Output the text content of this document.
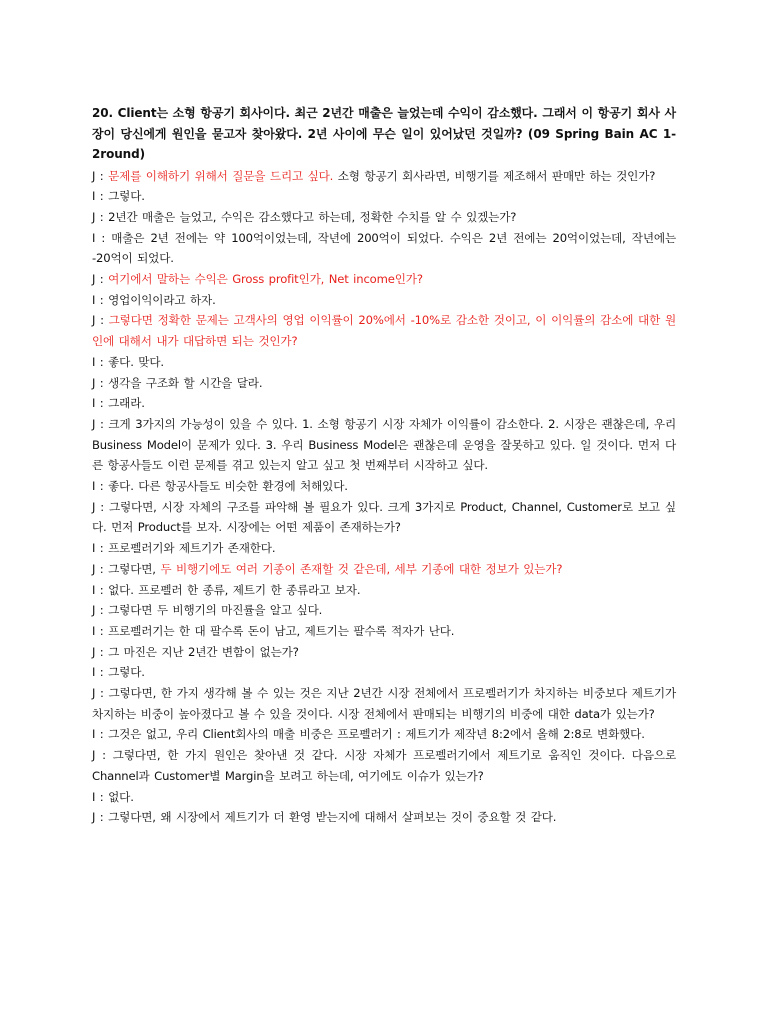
20. Client는 소형 항공기 회사이다. 최근 2년간 매출은 늘었는데 수익이 감소했다. 그래서 이 항공기 회사 사장이 당신에게 원인을 묻고자 찾아왔다. 2년 사이에 무슨 일이 있어났던 것일까? (09 Spring Bain AC 1-2round)

J : 문제를 이해하기 위해서 질문을 드리고 싶다. 소형 항공기 회사라면, 비행기를 제조해서 판매만 하는 것인가?

I : 그렇다.

J : 2년간 매출은 늘었고, 수익은 감소했다고 하는데, 정확한 수치를 알 수 있겠는가?

I : 매출은 2년 전에는 약 100억이었는데, 작년에 200억이 되었다. 수익은 2년 전에는 20억이었는데, 작년에는 -20억이 되었다.

J : 여기에서 말하는 수익은 Gross profit인가, Net income인가?

I : 영업이익이라고 하자.

J : 그렇다면 정확한 문제는 고객사의 영업 이익률이 20%에서 -10%로 감소한 것이고, 이 이익률의 감소에 대한 원인에 대해서 내가 대답하면 되는 것인가?

I : 좋다. 맞다.

J : 생각을 구조화 할 시간을 달라.

I : 그래라.

J : 크게 3가지의 가능성이 있을 수 있다. 1. 소형 항공기 시장 자체가 이익률이 감소한다. 2. 시장은 괜찮은데, 우리 Business Model이 문제가 있다. 3. 우리 Business Model은 괜찮은데 운영을 잘못하고 있다. 일 것이다. 먼저 다른 항공사들도 이런 문제를 겪고 있는지 알고 싶고 첫 번째부터 시작하고 싶다.

I : 좋다. 다른 항공사들도 비슷한 환경에 처해있다.

J : 그렇다면, 시장 자체의 구조를 파악해 볼 필요가 있다. 크게 3가지로 Product, Channel, Customer로 보고 싶다. 먼저 Product를 보자. 시장에는 어떤 제품이 존재하는가?

I : 프로펠러기와 제트기가 존재한다.

J : 그렇다면, 두 비행기에도 여러 기종이 존재할 것 같은데, 세부 기종에 대한 정보가 있는가?

I : 없다. 프로펠러 한 종류, 제트기 한 종류라고 보자.

J : 그렇다면 두 비행기의 마진률을 알고 싶다.

I : 프로펠러기는 한 대 팔수록 돈이 남고, 제트기는 팔수록 적자가 난다.

J : 그 마진은 지난 2년간 변함이 없는가?

I : 그렇다.

J : 그렇다면, 한 가지 생각해 볼 수 있는 것은 지난 2년간 시장 전체에서 프로펠러기가 차지하는 비중보다 제트기가 차지하는 비중이 높아졌다고 볼 수 있을 것이다. 시장 전체에서 판매되는 비행기의 비중에 대한 data가 있는가?

I : 그것은 없고, 우리 Client회사의 매출 비중은 프로펠러기 : 제트기가 제작년 8:2에서 올해 2:8로 변화했다.

J : 그렇다면, 한 가지 원인은 찾아낸 것 같다. 시장 자체가 프로펠러기에서 제트기로 움직인 것이다. 다음으로 Channel과 Customer별 Margin을 보려고 하는데, 여기에도 이슈가 있는가?

I : 없다.

J : 그렇다면, 왜 시장에서 제트기가 더 환영 받는지에 대해서 살펴보는 것이 중요할 것 같다.
